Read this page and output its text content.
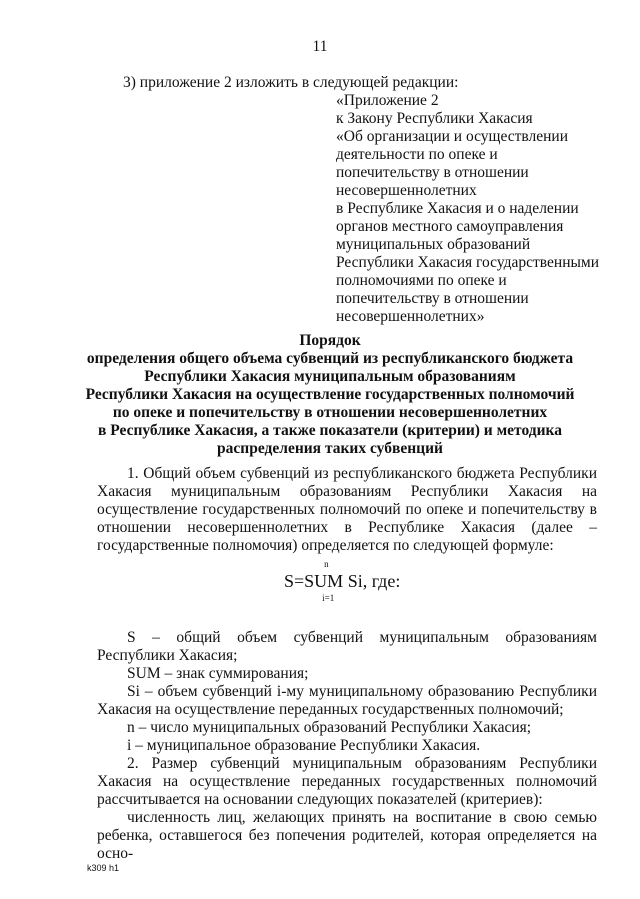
11
3) приложение 2 изложить в следующей редакции:
«Приложение 2
к Закону Республики Хакасия
«Об организации и осуществлении
деятельности по опеке и
попечительству в отношении
несовершеннолетних
в Республике Хакасия и о наделении
органов местного самоуправления
муниципальных образований
Республики Хакасия государственными
полномочиями по опеке и
попечительству в отношении
несовершеннолетних»
Порядок
определения общего объема субвенций из республиканского бюджета
Республики Хакасия муниципальным образованиям
Республики Хакасия на осуществление государственных полномочий
по опеке и попечительству в отношении несовершеннолетних
в Республике Хакасия, а также показатели (критерии) и методика
распределения таких субвенций

1. Общий объем субвенций из республиканского бюджета Республики Хакасия муниципальным образованиям Республики Хакасия на осуществление государственных полномочий по опеке и попечительству в отношении несовершеннолетних в Республике Хакасия (далее – государственные полномочия) определяется по следующей формуле:

S=SUM
n
i=1
Si, где:

S – общий объем субвенций муниципальным образованиям Республики Хакасия;

SUM – знак суммирования;

Si – объем субвенций i-му муниципальному образованию Республики Хакасия на осуществление переданных государственных полномочий;

n – число муниципальных образований Республики Хакасия;

i – муниципальное образование Республики Хакасия.

2. Размер субвенций муниципальным образованиям Республики Хакасия на осуществление переданных государственных полномочий рассчитывается на основании следующих показателей (критериев):

численность лиц, желающих принять на воспитание в свою семью ребенка, оставшегося без попечения родителей, которая определяется на осно-

k309 h1
